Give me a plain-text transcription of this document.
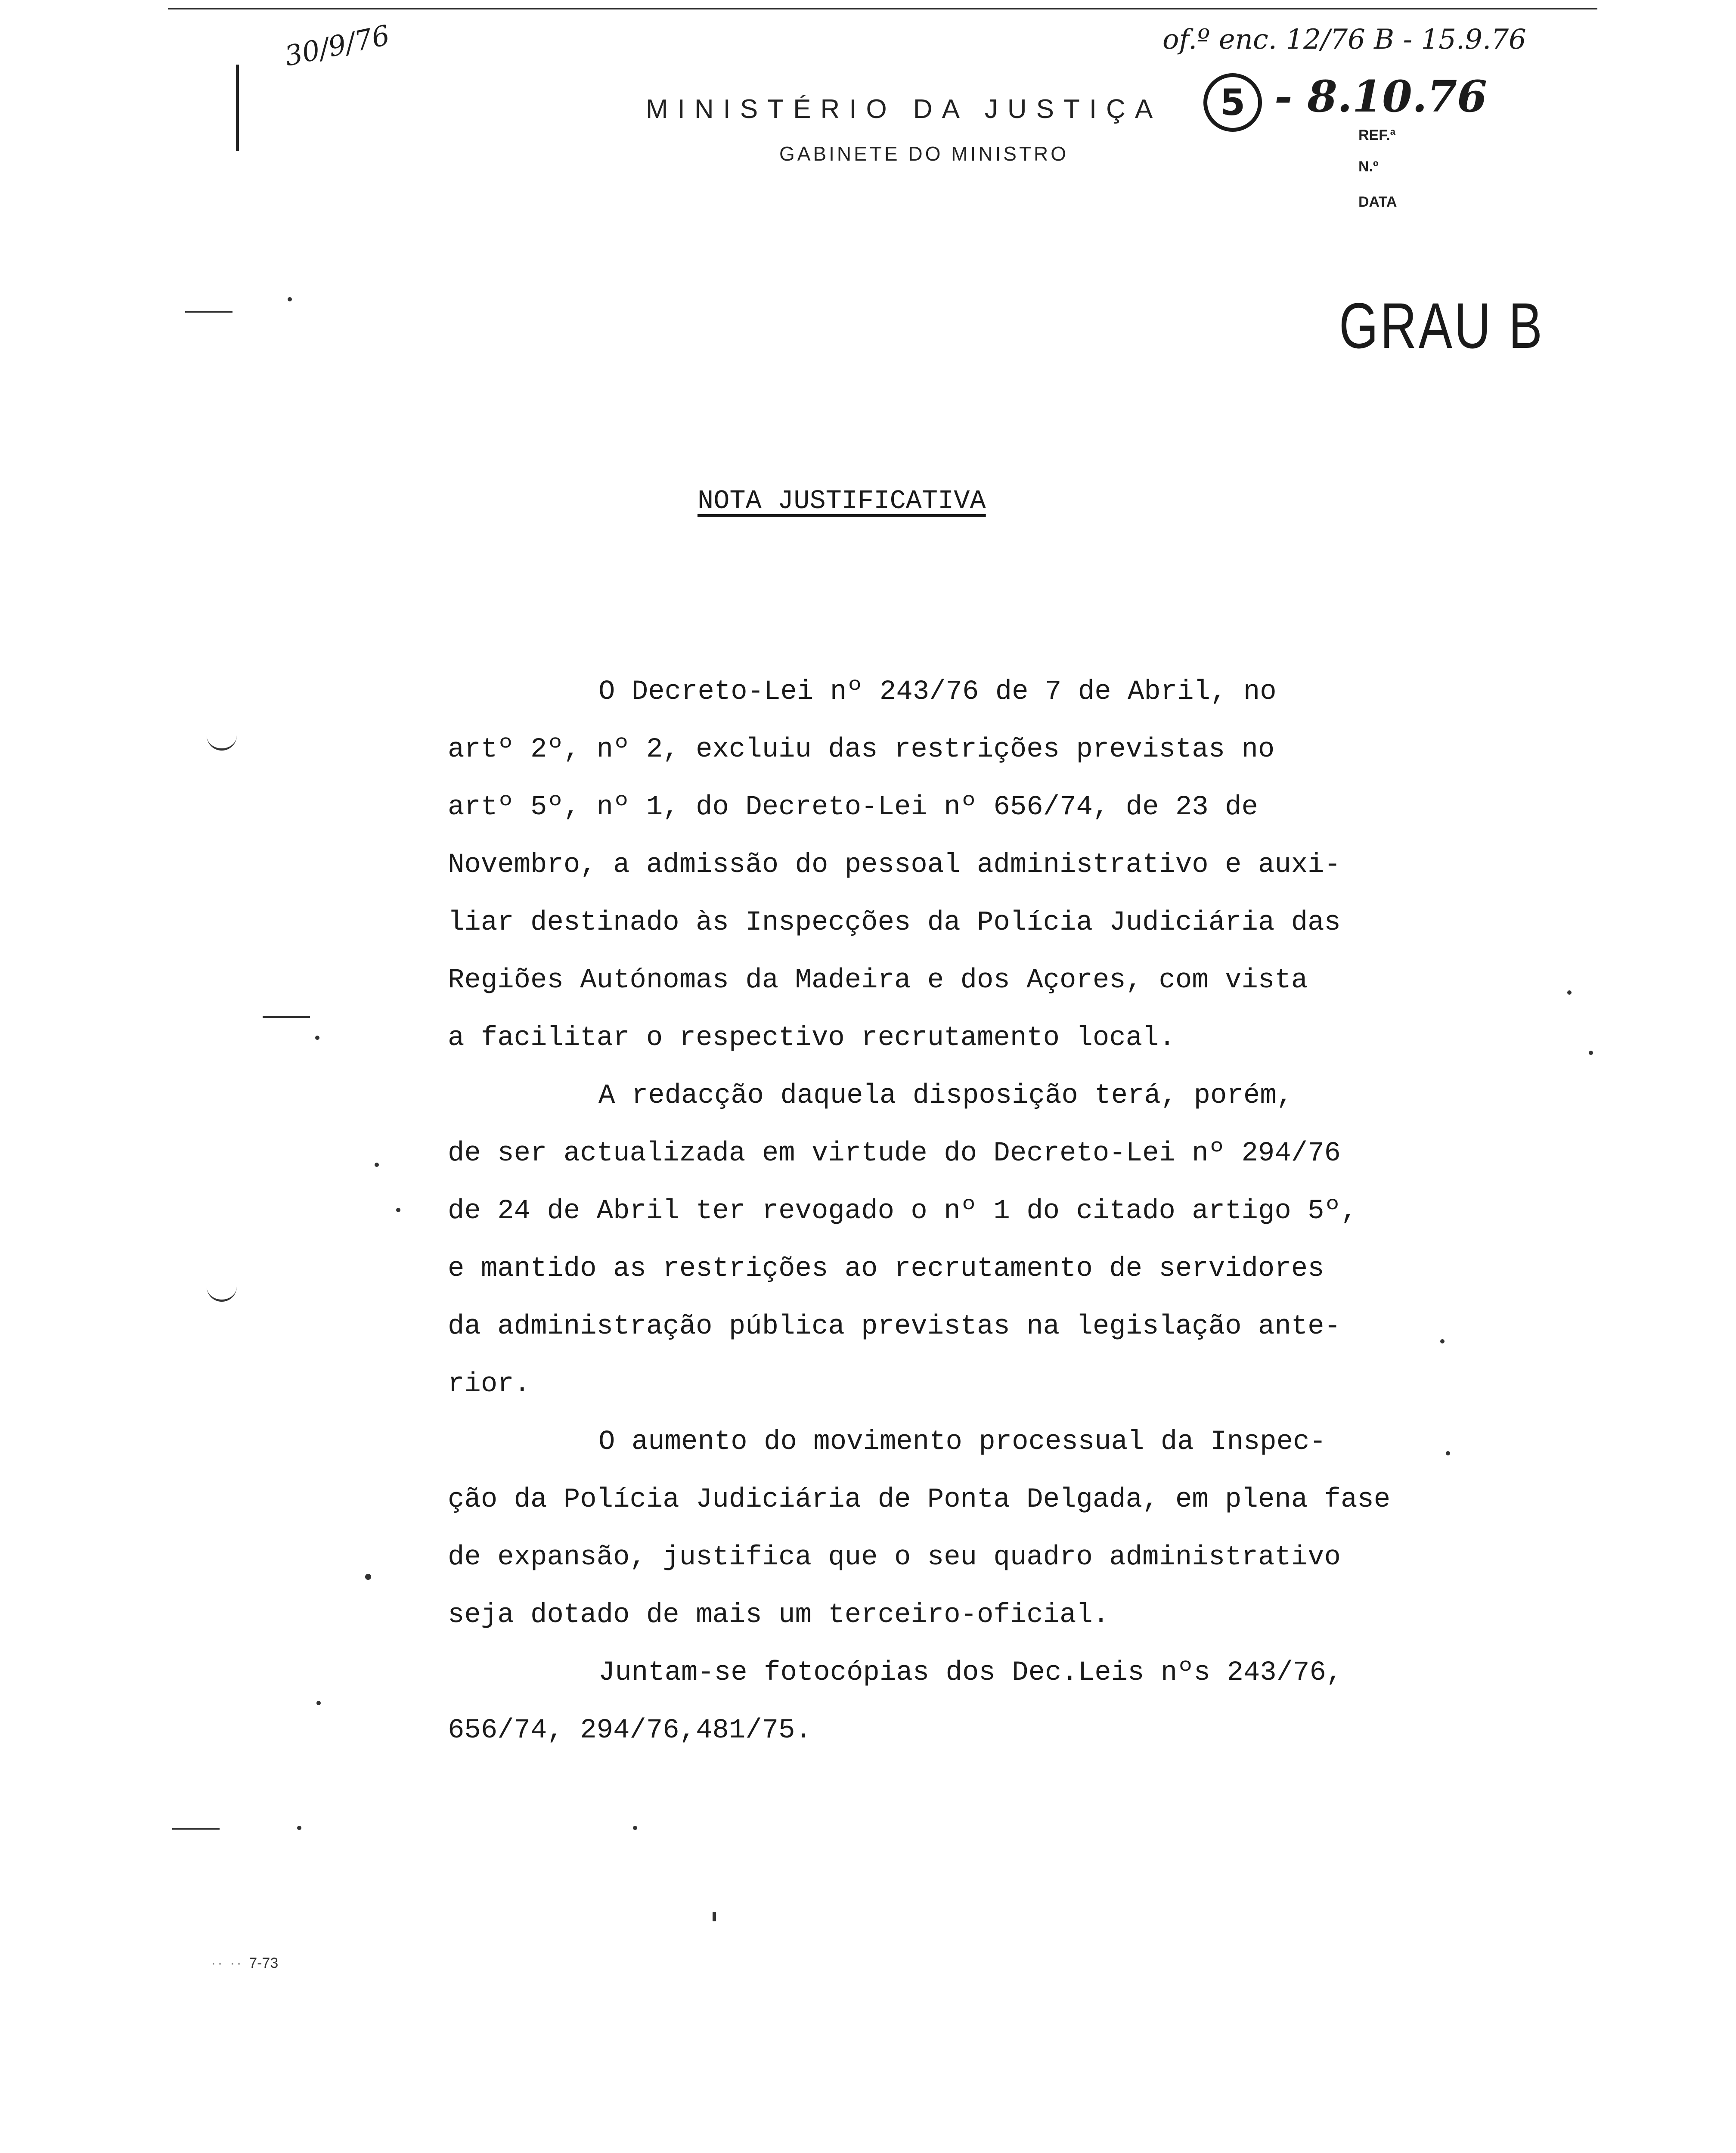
30/9/76	of.º enc. 12/76 B - 15.9.76
5 - 8.10.76
MINISTÉRIO DA JUSTIÇA
GABINETE DO MINISTRO
REF.ª
N.º
DATA
GRAU B
NOTA JUSTIFICATIVA
O Decreto-Lei nº 243/76 de 7 de Abril, no
artº 2º, nº 2, excluiu das restrições previstas no
artº 5º, nº 1, do Decreto-Lei nº 656/74, de 23 de
Novembro, a admissão do pessoal administrativo e auxi-
liar destinado às Inspecções da Polícia Judiciária das
Regiões Autónomas da Madeira e dos Açores, com vista
a facilitar o respectivo recrutamento local.
A redacção daquela disposição terá, porém,
de ser actualizada em virtude do Decreto-Lei nº 294/76
de 24 de Abril ter revogado o nº 1 do citado artigo 5º,
e mantido as restrições ao recrutamento de servidores
da administração pública previstas na legislação ante-
rior.
O aumento do movimento processual da Inspec-
ção da Polícia Judiciária de Ponta Delgada, em plena fase
de expansão, justifica que o seu quadro administrativo
seja dotado de mais um terceiro-oficial.
Juntam-se fotocópias dos Dec.Leis nºs 243/76,
656/74, 294/76,481/75.
·· ·· 7-73
